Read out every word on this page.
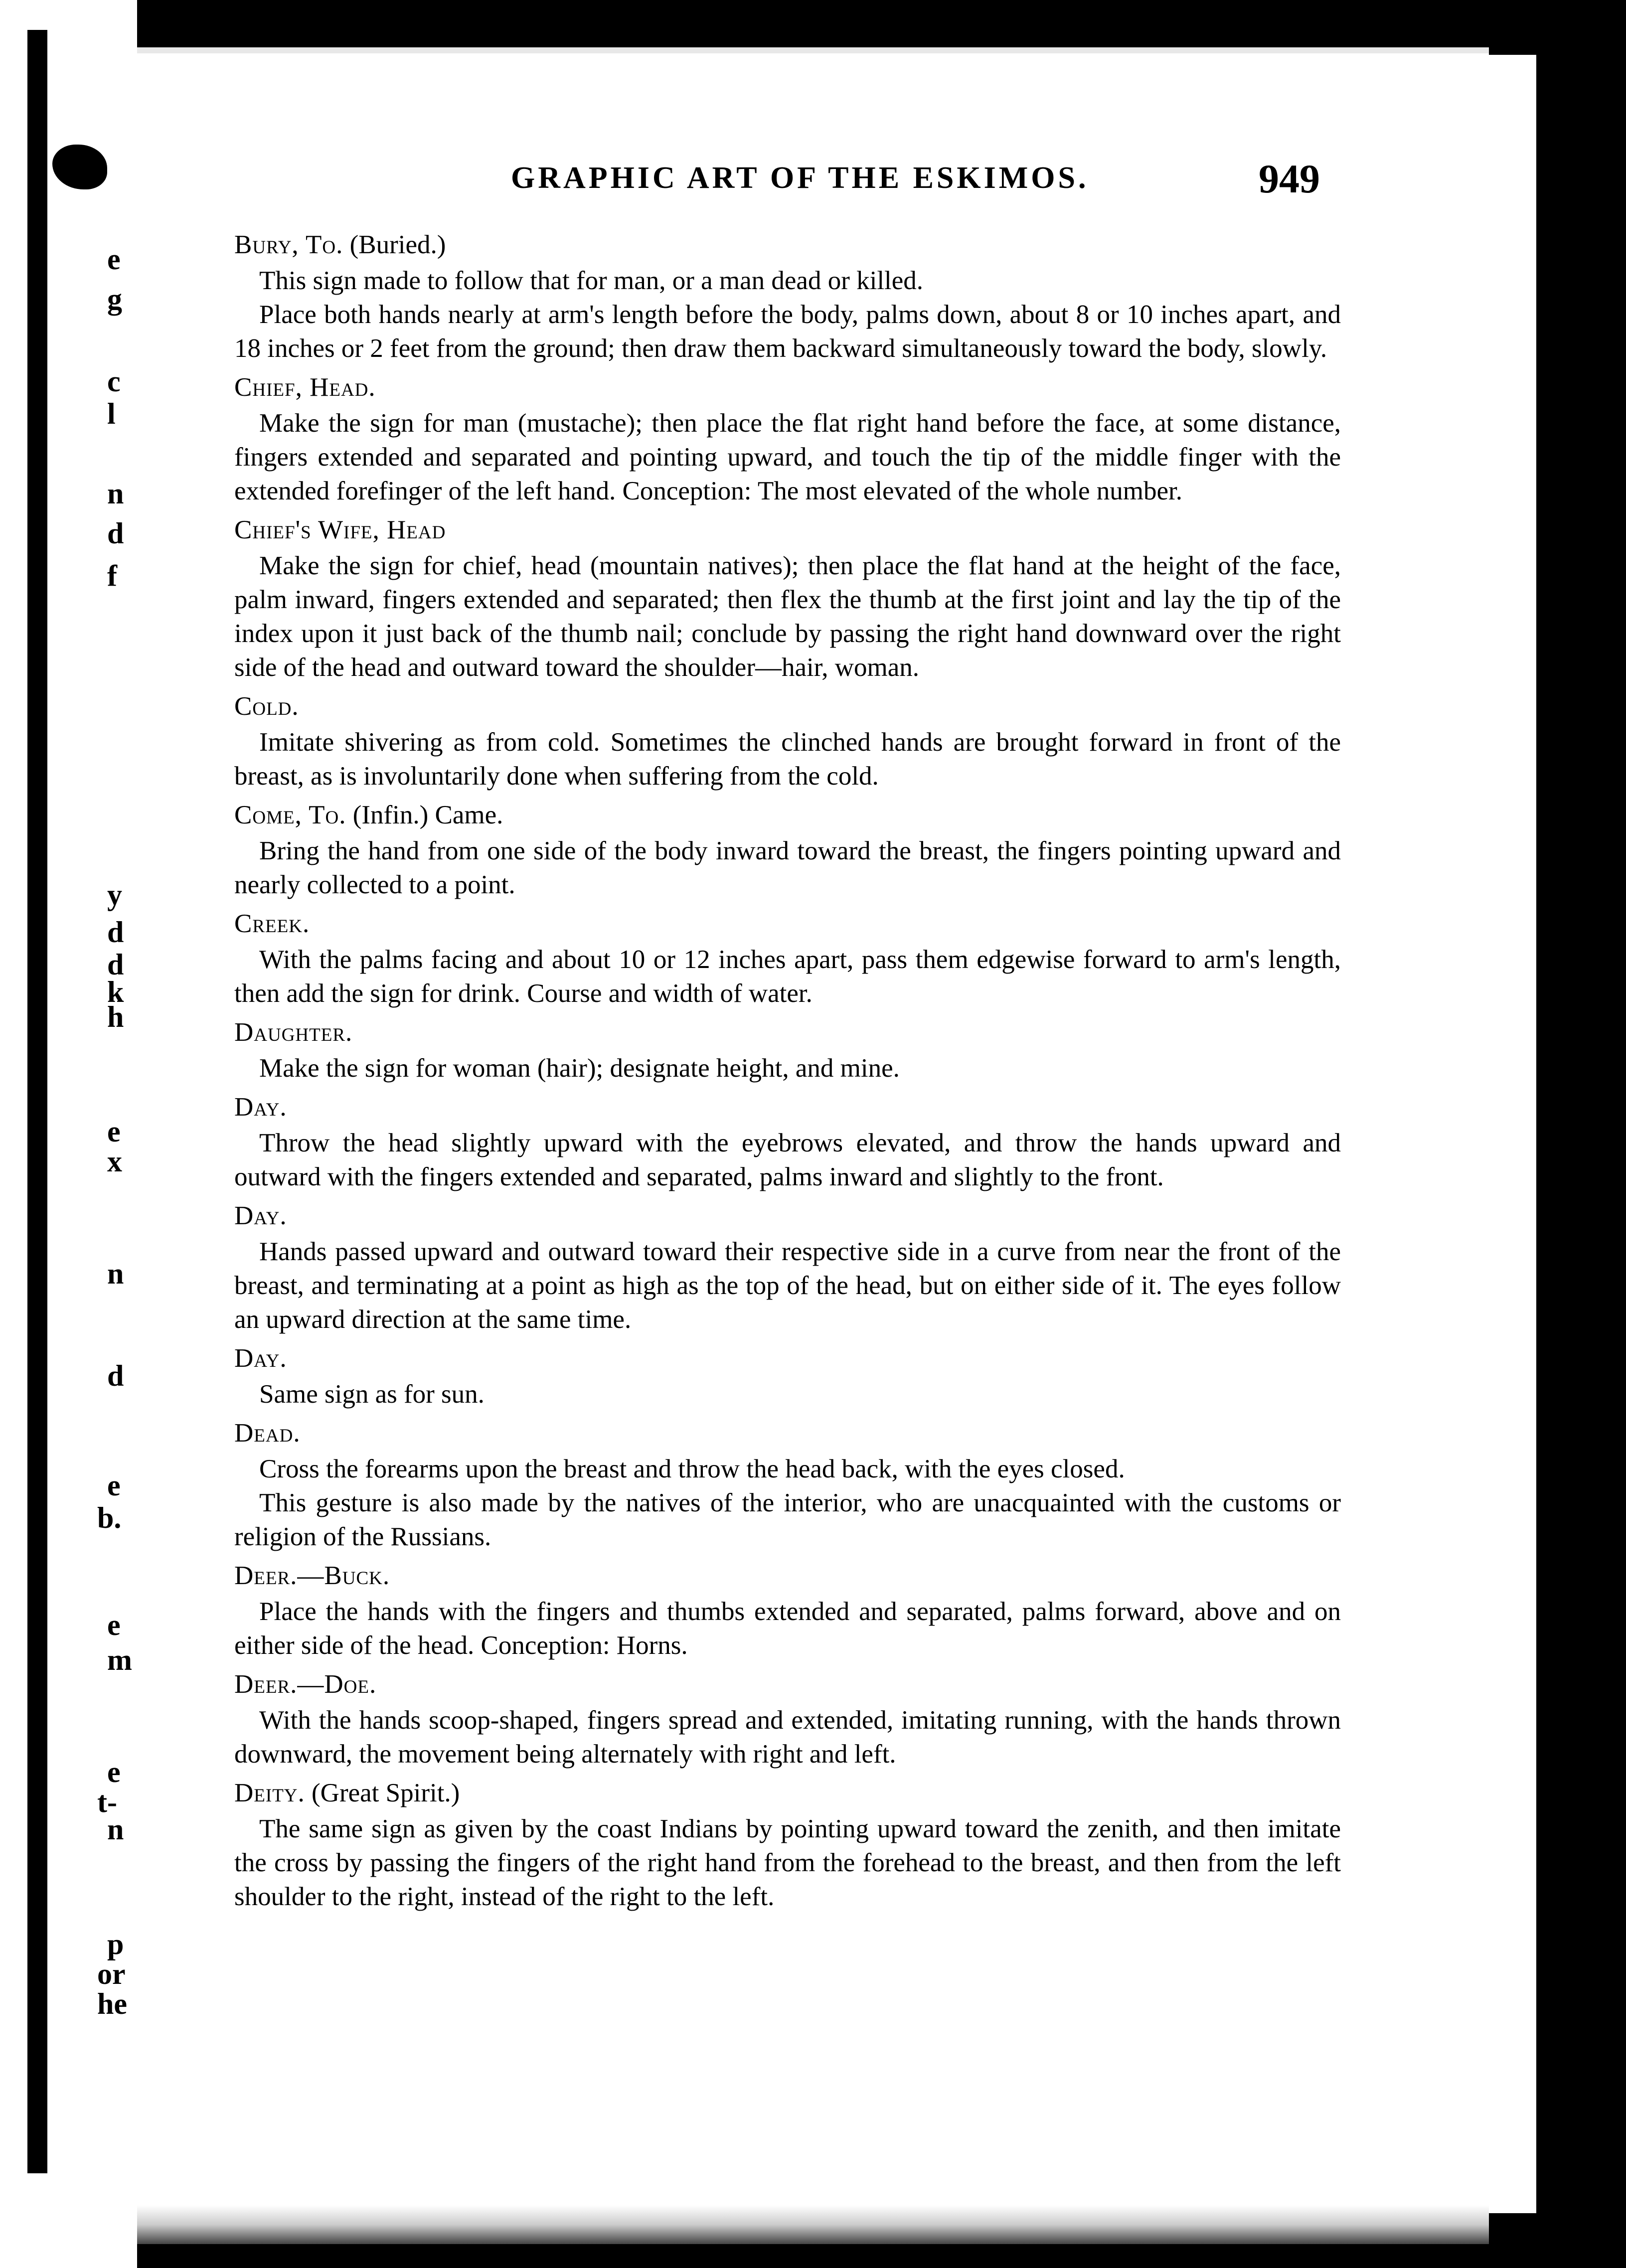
e
g
c
l
n
d
f
y
d
d
k
h
e
x
n
d
e
b.
e
m
e
t-
n
p
or
he
GRAPHIC ART OF THE ESKIMOS.	949
Bury, To. (Buried.)

This sign made to follow that for man, or a man dead or killed.

Place both hands nearly at arm's length before the body, palms down, about 8 or 10 inches apart, and 18 inches or 2 feet from the ground; then draw them backward simultaneously toward the body, slowly.

Chief, Head.

Make the sign for man (mustache); then place the flat right hand before the face, at some distance, fingers extended and separated and pointing upward, and touch the tip of the middle finger with the extended forefinger of the left hand. Conception: The most elevated of the whole number.

Chief's Wife, Head

Make the sign for chief, head (mountain natives); then place the flat hand at the height of the face, palm inward, fingers extended and separated; then flex the thumb at the first joint and lay the tip of the index upon it just back of the thumb nail; conclude by passing the right hand downward over the right side of the head and outward toward the shoulder—hair, woman.

Cold.

Imitate shivering as from cold. Sometimes the clinched hands are brought forward in front of the breast, as is involuntarily done when suffering from the cold.

Come, To. (Infin.) Came.

Bring the hand from one side of the body inward toward the breast, the fingers pointing upward and nearly collected to a point.

Creek.

With the palms facing and about 10 or 12 inches apart, pass them edgewise forward to arm's length, then add the sign for drink. Course and width of water.

Daughter.

Make the sign for woman (hair); designate height, and mine.

Day.

Throw the head slightly upward with the eyebrows elevated, and throw the hands upward and outward with the fingers extended and separated, palms inward and slightly to the front.

Day.

Hands passed upward and outward toward their respective side in a curve from near the front of the breast, and terminating at a point as high as the top of the head, but on either side of it. The eyes follow an upward direction at the same time.

Day.

Same sign as for sun.

Dead.

Cross the forearms upon the breast and throw the head back, with the eyes closed.

This gesture is also made by the natives of the interior, who are unacquainted with the customs or religion of the Russians.

Deer.—Buck.

Place the hands with the fingers and thumbs extended and separated, palms forward, above and on either side of the head. Conception: Horns.

Deer.—Doe.

With the hands scoop-shaped, fingers spread and extended, imitating running, with the hands thrown downward, the movement being alternately with right and left.

Deity. (Great Spirit.)

The same sign as given by the coast Indians by pointing upward toward the zenith, and then imitate the cross by passing the fingers of the right hand from the forehead to the breast, and then from the left shoulder to the right, instead of the right to the left.
